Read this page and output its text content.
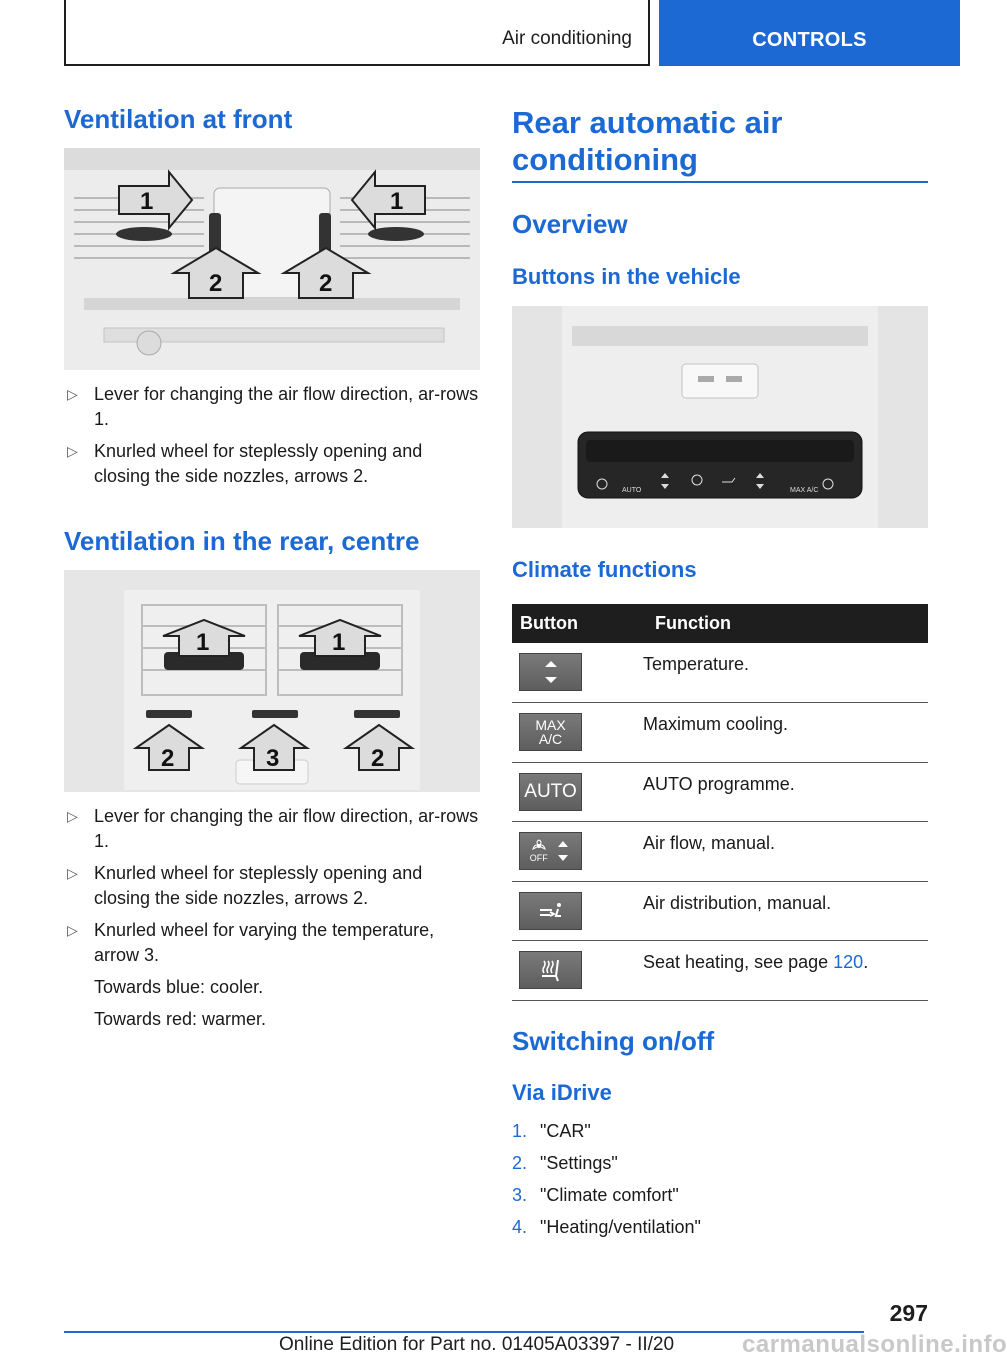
Air conditioning	CONTROLS
Ventilation at front
1	1
2	2
▷ Lever for changing the air flow direction, ar-rows 1.
▷ Knurled wheel for steplessly opening and closing the side nozzles, arrows 2.
Ventilation in the rear, centre
1	1
2	3	2
▷ Lever for changing the air flow direction, ar-rows 1.
▷ Knurled wheel for steplessly opening and closing the side nozzles, arrows 2.
▷ Knurled wheel for varying the temperature, arrow 3.
Towards blue: cooler.
Towards red: warmer.
Rear automatic air conditioning
Overview
Buttons in the vehicle
AUTO	MAX A/C
Climate functions
Button	Function

	Temperature.

MAX A/C	Maximum cooling.

AUTO	AUTO programme.

OFF	Air flow, manual.

	Air distribution, manual.

	Seat heating, see page 120.
Switching on/off
Via iDrive
1. "CAR"
2. "Settings"
3. "Climate comfort"
4. "Heating/ventilation"
297
Online Edition for Part no. 01405A03397 - II/20	carmanualsonline.info
